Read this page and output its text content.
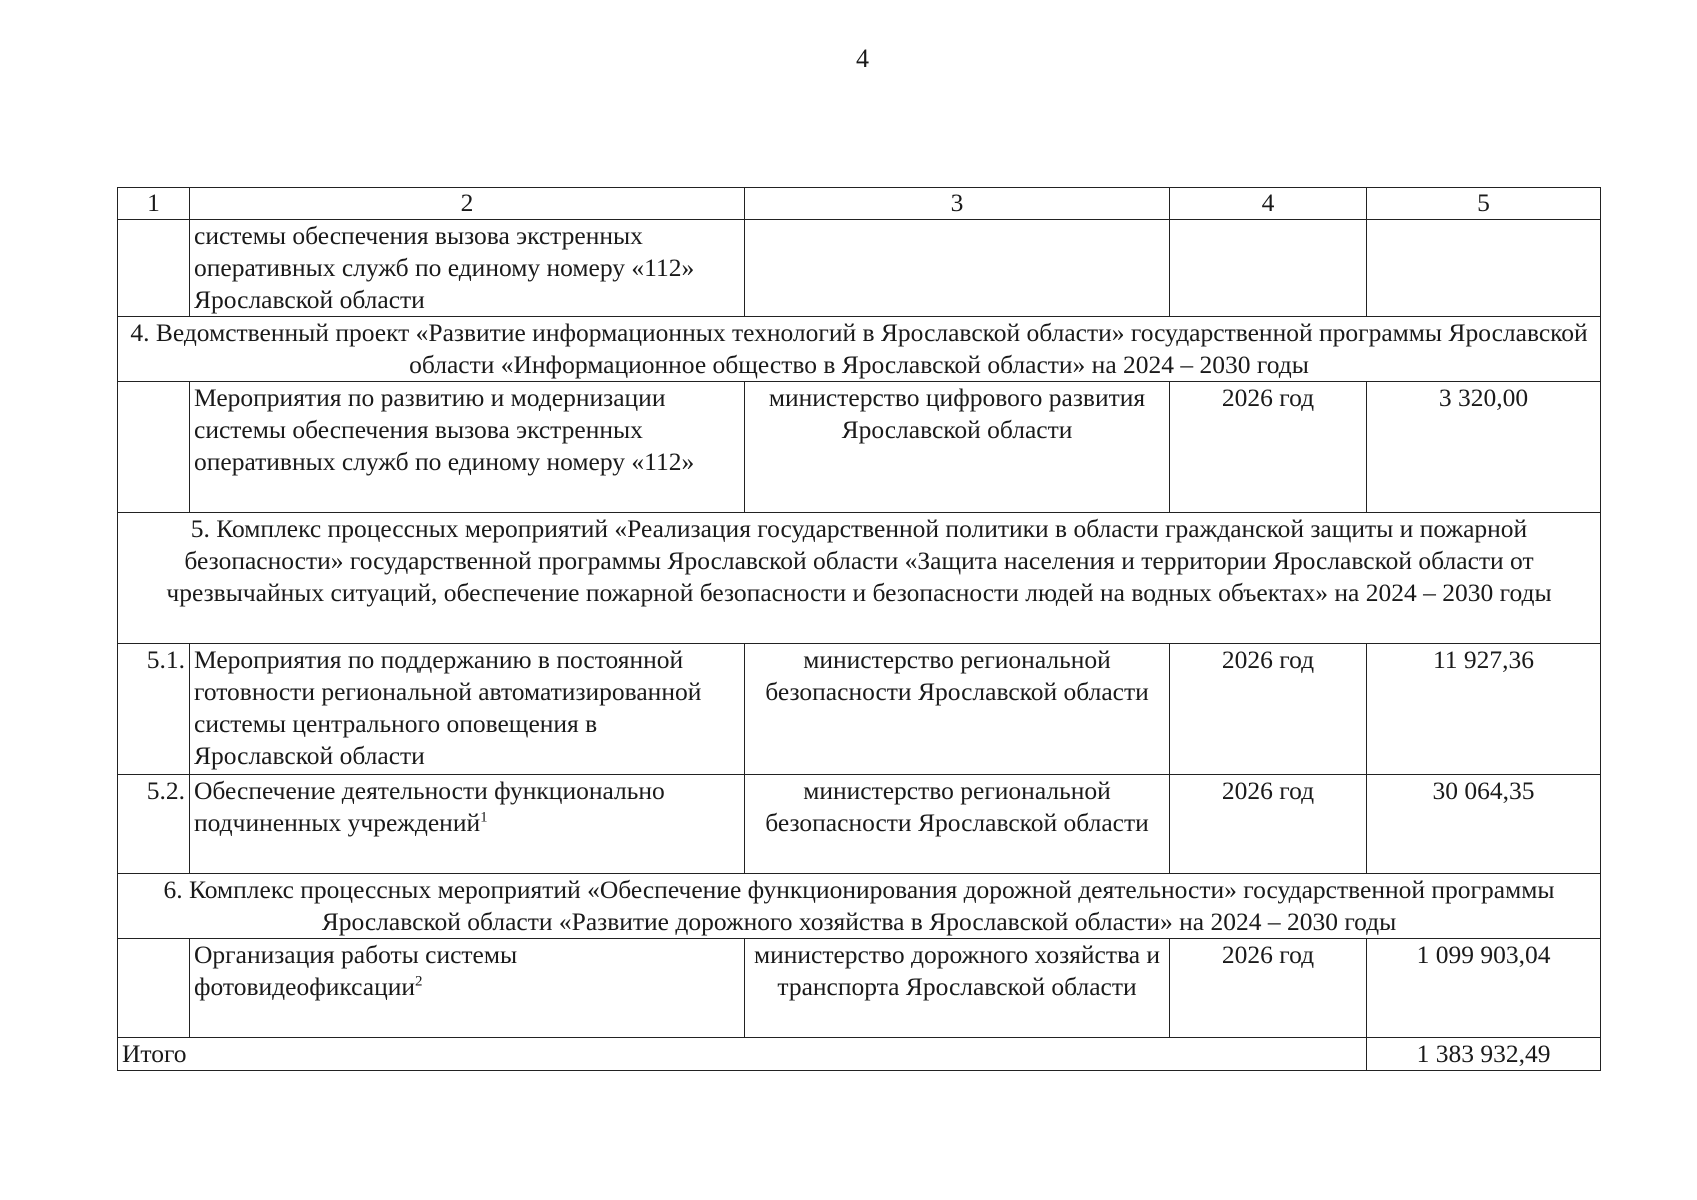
4
1	2	3	4	5
	системы обеспечения вызова экстренных оперативных служб по единому номеру «112» Ярославской области			
4. Ведомственный проект «Развитие информационных технологий в Ярославской области» государственной программы Ярославской области «Информационное общество в Ярославской области» на 2024 – 2030 годы				
	Мероприятия по развитию и модернизации системы обеспечения вызова экстренных оперативных служб по единому номеру «112»	министерство цифрового развития Ярославской области	2026 год	3 320,00
5. Комплекс процессных мероприятий «Реализация государственной политики в области гражданской защиты и пожарной безопасности» государственной программы Ярославской области «Защита населения и территории Ярославской области от чрезвычайных ситуаций, обеспечение пожарной безопасности и безопасности людей на водных объектах» на 2024 – 2030 годы				
5.1.	Мероприятия по поддержанию в постоянной готовности региональной автоматизированной системы центрального оповещения в Ярославской области	министерство региональной безопасности Ярославской области	2026 год	11 927,36
5.2.	Обеспечение деятельности функционально подчиненных учреждений$^1$	министерство региональной безопасности Ярославской области	2026 год	30 064,35
6. Комплекс процессных мероприятий «Обеспечение функционирования дорожной деятельности» государственной программы Ярославской области «Развитие дорожного хозяйства в Ярославской области» на 2024 – 2030 годы				
	Организация работы системы фотовидеофиксации$^2$	министерство дорожного хозяйства и транспорта Ярославской области	2026 год	1 099 903,04
Итого				1 383 932,49
